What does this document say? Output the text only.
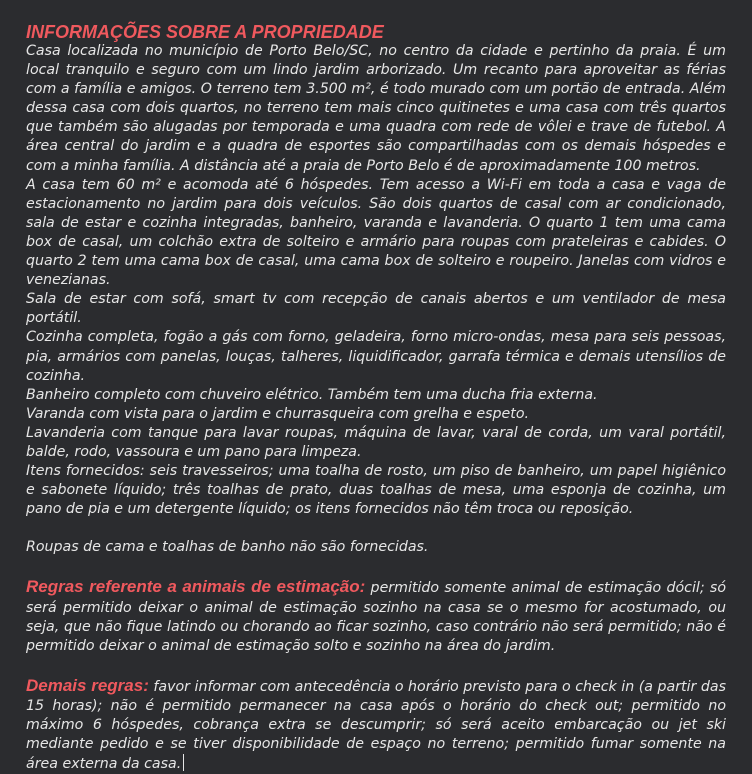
INFORMAÇÕES SOBRE A PROPRIEDADE

Casa localizada no município de Porto Belo/SC, no centro da cidade e pertinho da praia. É um local tranquilo e seguro com um lindo jardim arborizado. Um recanto para aproveitar as férias com a família e amigos. O terreno tem 3.500 m², é todo murado com um portão de entrada. Além dessa casa com dois quartos, no terreno tem mais cinco quitinetes e uma casa com três quartos que também são alugadas por temporada e uma quadra com rede de vôlei e trave de futebol. A área central do jardim e a quadra de esportes são compartilhadas com os demais hóspedes e com a minha família. A distância até a praia de Porto Belo é de aproximadamente 100 metros.

A casa tem 60 m² e acomoda até 6 hóspedes. Tem acesso a Wi-Fi em toda a casa e vaga de estacionamento no jardim para dois veículos. São dois quartos de casal com ar condicionado, sala de estar e cozinha integradas, banheiro, varanda e lavanderia. O quarto 1 tem uma cama box de casal, um colchão extra de solteiro e armário para roupas com prateleiras e cabides. O quarto 2 tem uma cama box de casal, uma cama box de solteiro e roupeiro. Janelas com vidros e venezianas.

Sala de estar com sofá, smart tv com recepção de canais abertos e um ventilador de mesa portátil.

Cozinha completa, fogão a gás com forno, geladeira, forno micro-ondas, mesa para seis pessoas, pia, armários com panelas, louças, talheres, liquidificador, garrafa térmica e demais utensílios de cozinha.

Banheiro completo com chuveiro elétrico. Também tem uma ducha fria externa.

Varanda com vista para o jardim e churrasqueira com grelha e espeto.

Lavanderia com tanque para lavar roupas, máquina de lavar, varal de corda, um varal portátil, balde, rodo, vassoura e um pano para limpeza.

Itens fornecidos: seis travesseiros; uma toalha de rosto, um piso de banheiro, um papel higiênico e sabonete líquido; três toalhas de prato, duas toalhas de mesa, uma esponja de cozinha, um pano de pia e um detergente líquido; os itens fornecidos não têm troca ou reposição.

Roupas de cama e toalhas de banho não são fornecidas.

Regras referente a animais de estimação: permitido somente animal de estimação dócil; só será permitido deixar o animal de estimação sozinho na casa se o mesmo for acostumado, ou seja, que não fique latindo ou chorando ao ficar sozinho, caso contrário não será permitido; não é permitido deixar o animal de estimação solto e sozinho na área do jardim.

Demais regras: favor informar com antecedência o horário previsto para o check in (a partir das 15 horas); não é permitido permanecer na casa após o horário do check out; permitido no máximo 6 hóspedes, cobrança extra se descumprir; só será aceito embarcação ou jet ski mediante pedido e se tiver disponibilidade de espaço no terreno; permitido fumar somente na área externa da casa.
